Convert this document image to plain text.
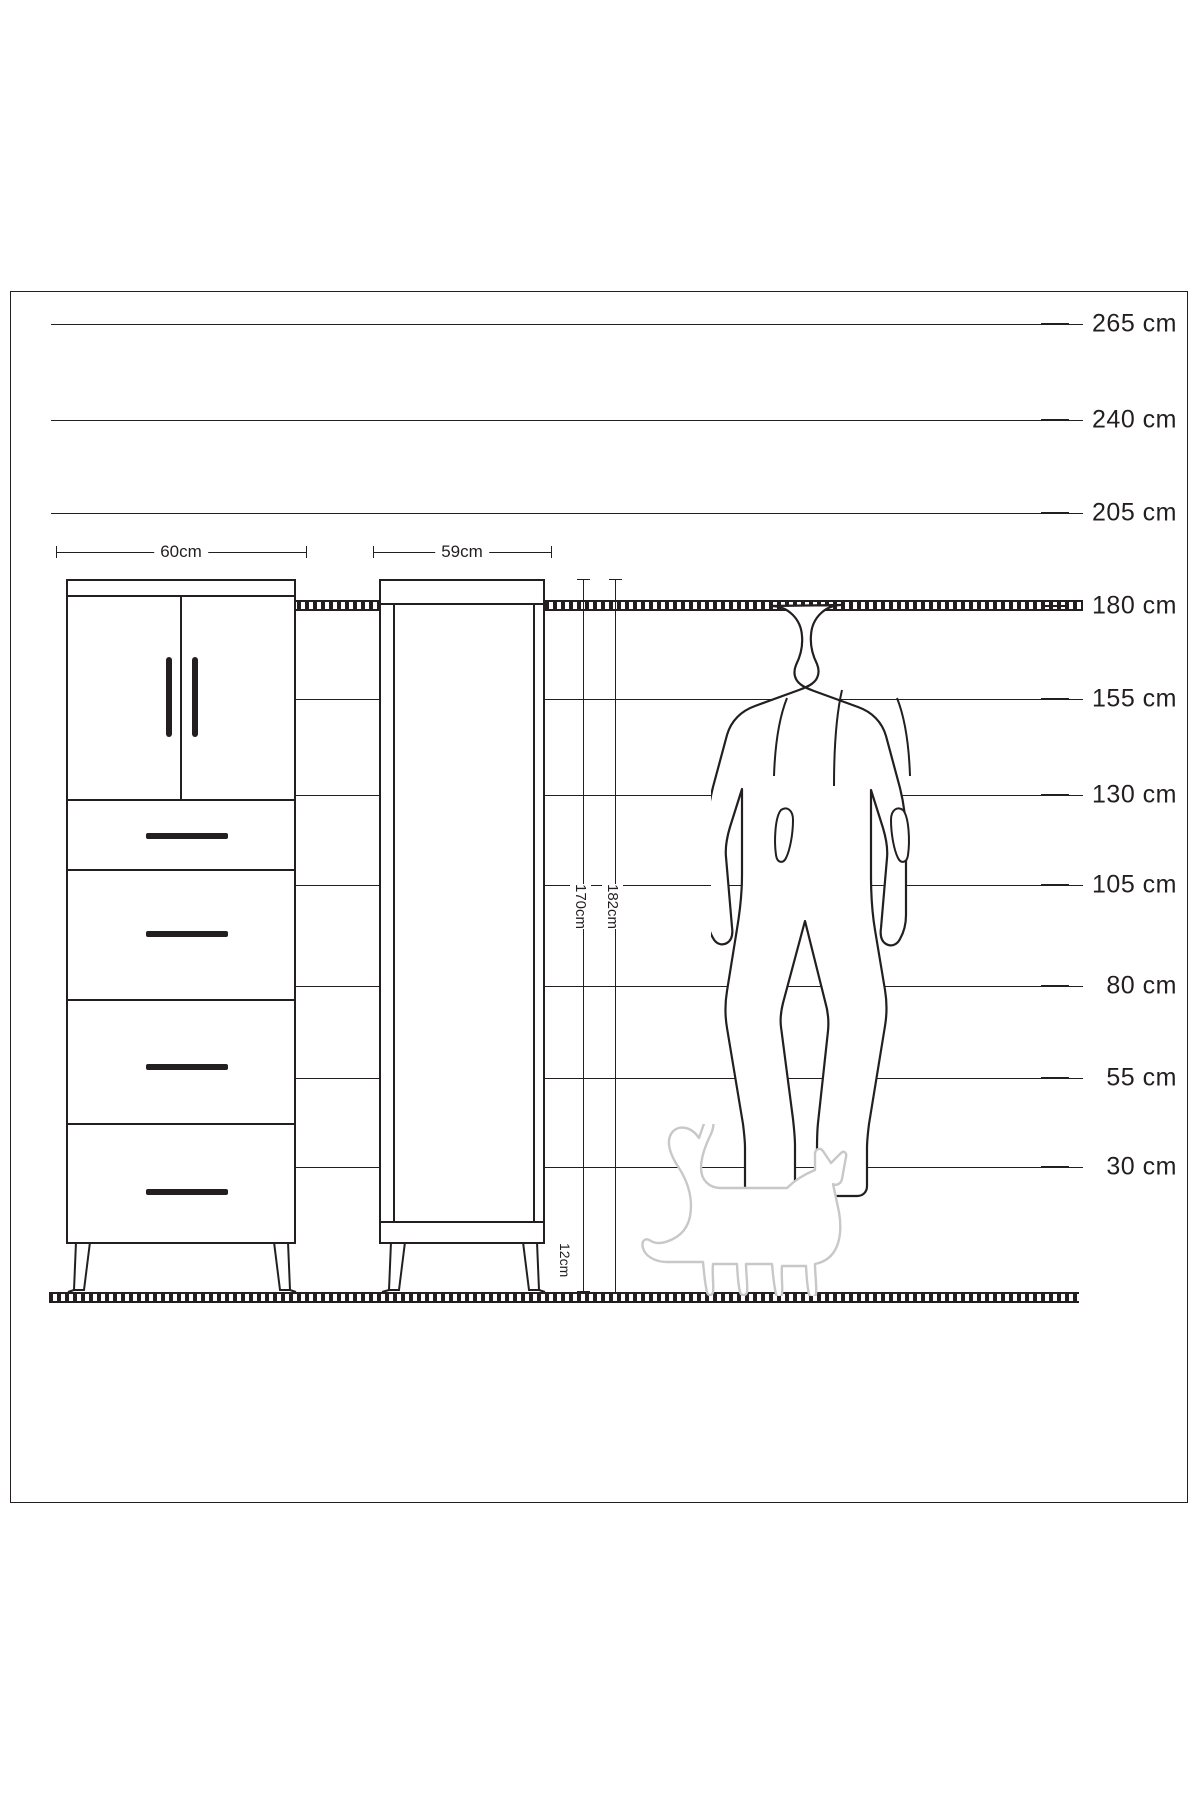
265 cm
240 cm
205 cm
180 cm
155 cm
130 cm
105 cm
80 cm
55 cm
30 cm
60cm	59cm
170cm 182cm
12cm
